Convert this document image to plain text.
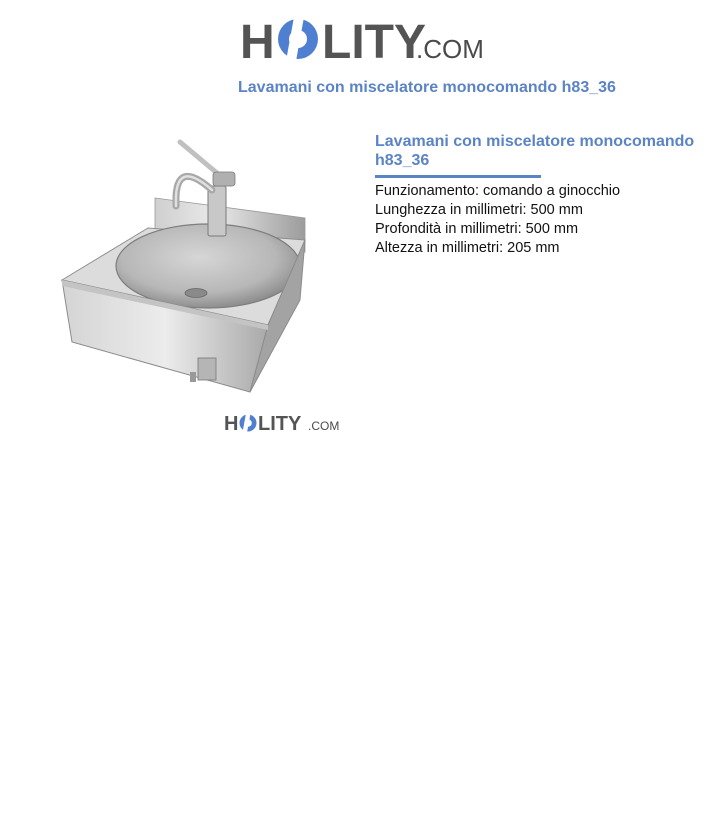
H LITY
.COM
Lavamani con miscelatore monocomando h83_36
H LITY .COM
Lavamani con miscelatore monocomando h83_36
Funzionamento: comando a ginocchio
Lunghezza in millimetri: 500 mm
Profondità in millimetri: 500 mm
Altezza in millimetri: 205 mm
